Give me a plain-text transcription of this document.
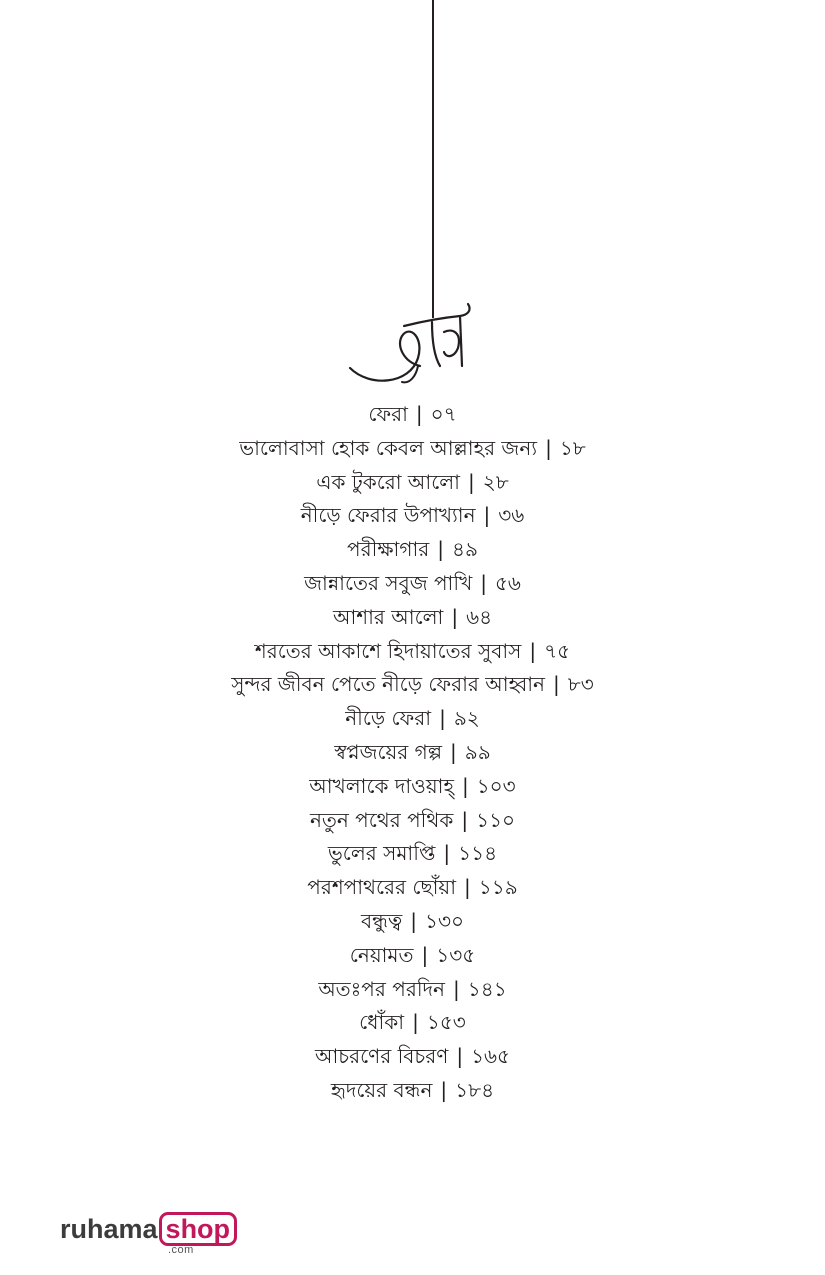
ফেরা | ০৭
ভালোবাসা হোক কেবল আল্লাহর জন্য | ১৮
এক টুকরো আলো | ২৮
নীড়ে ফেরার উপাখ্যান | ৩৬
পরীক্ষাগার | ৪৯
জান্নাতের সবুজ পাখি | ৫৬
আশার আলো | ৬৪
শরতের আকাশে হিদায়াতের সুবাস | ৭৫
সুন্দর জীবন পেতে নীড়ে ফেরার আহ্বান | ৮৩
নীড়ে ফেরা | ৯২
স্বপ্নজয়ের গল্প | ৯৯
আখলাকে দাওয়াহ্ | ১০৩
নতুন পথের পথিক | ১১০
ভুলের সমাপ্তি | ১১৪
পরশপাথরের ছোঁয়া | ১১৯
বন্ধুত্ব | ১৩০
নেয়ামত | ১৩৫
অতঃপর পরদিন | ১৪১
ধোঁকা | ১৫৩
আচরণের বিচরণ | ১৬৫
হৃদয়ের বন্ধন | ১৮৪
ruhama shop
.com
